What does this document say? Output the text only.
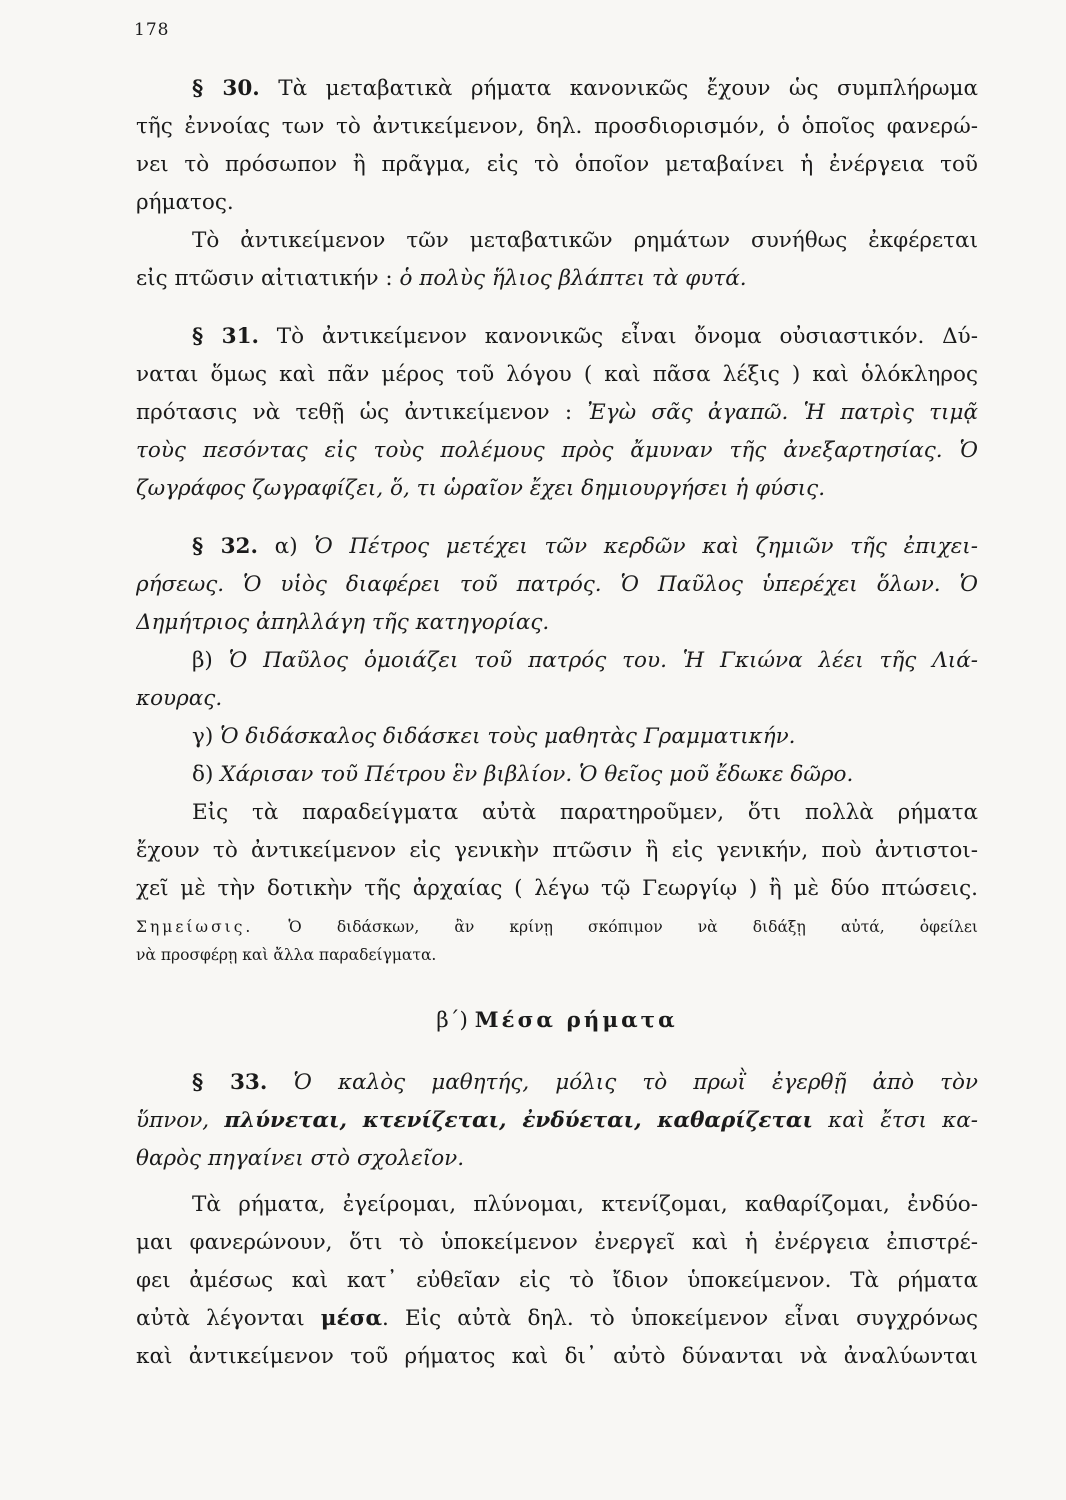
178
§ 30. Τὰ μεταβατικὰ ρήματα κανονικῶς ἔχουν ὡς συμπλήρωμα
τῆς ἐννοίας των τὸ ἀντικείμενον, δηλ. προσδιορισμόν, ὁ ὁποῖος φανερώ-
νει τὸ πρόσωπον ἢ πρᾶγμα, εἰς τὸ ὁποῖον μεταβαίνει ἡ ἐνέργεια τοῦ
ρήματος.
Τὸ ἀντικείμενον τῶν μεταβατικῶν ρημάτων συνήθως ἐκφέρεται
εἰς πτῶσιν αἰτιατικήν : ὁ πολὺς ἥλιος βλάπτει τὰ φυτά.
§ 31. Τὸ ἀντικείμενον κανονικῶς εἶναι ὄνομα οὐσιαστικόν. Δύ-
ναται ὅμως καὶ πᾶν μέρος τοῦ λόγου ( καὶ πᾶσα λέξις ) καὶ ὁλόκληρος
πρότασις νὰ τεθῇ ὡς ἀντικείμενον : Ἐγὼ σᾶς ἀγαπῶ. Ἡ πατρὶς τιμᾷ
τοὺς πεσόντας εἰς τοὺς πολέμους πρὸς ἄμυναν τῆς ἀνεξαρτησίας. Ὁ
ζωγράφος ζωγραφίζει, ὅ, τι ὡραῖον ἔχει δημιουργήσει ἡ φύσις.
§ 32. α) Ὁ Πέτρος μετέχει τῶν κερδῶν καὶ ζημιῶν τῆς ἐπιχει-
ρήσεως. Ὁ υἱὸς διαφέρει τοῦ πατρός. Ὁ Παῦλος ὑπερέχει ὅλων. Ὁ
Δημήτριος ἀπηλλάγη τῆς κατηγορίας.
β) Ὁ Παῦλος ὁμοιάζει τοῦ πατρός του. Ἡ Γκιώνα λέει τῆς Λιά-
κουρας.
γ) Ὁ διδάσκαλος διδάσκει τοὺς μαθητὰς Γραμματικήν.
δ) Χάρισαν τοῦ Πέτρου ἓν βιβλίον. Ὁ θεῖος μοῦ ἔδωκε δῶρο.
Εἰς τὰ παραδείγματα αὐτὰ παρατηροῦμεν, ὅτι πολλὰ ρήματα
ἔχουν τὸ ἀντικείμενον εἰς γενικὴν πτῶσιν ἢ εἰς γενικήν, ποὺ ἀντιστοι-
χεῖ μὲ τὴν δοτικὴν τῆς ἀρχαίας ( λέγω τῷ Γεωργίῳ ) ἢ μὲ δύο πτώσεις.
Σημείωσις. Ὁ διδάσκων, ἂν κρίνῃ σκόπιμον νὰ διδάξῃ αὐτά, ὀφείλει
νὰ προσφέρῃ καὶ ἄλλα παραδείγματα.
β΄) Μέσα ρήματα
§ 33. Ὁ καλὸς μαθητής, μόλις τὸ πρωῒ ἐγερθῇ ἀπὸ τὸν
ὕπνον, πλύνεται, κτενίζεται, ἐνδύεται, καθαρίζεται καὶ ἔτσι κα-
θαρὸς πηγαίνει στὸ σχολεῖον.
Τὰ ρήματα, ἐγείρομαι, πλύνομαι, κτενίζομαι, καθαρίζομαι, ἐνδύο-
μαι φανερώνουν, ὅτι τὸ ὑποκείμενον ἐνεργεῖ καὶ ἡ ἐνέργεια ἐπιστρέ-
φει ἀμέσως καὶ κατ᾽ εὐθεῖαν εἰς τὸ ἴδιον ὑποκείμενον. Τὰ ρήματα
αὐτὰ λέγονται μέσα. Εἰς αὐτὰ δηλ. τὸ ὑποκείμενον εἶναι συγχρόνως
καὶ ἀντικείμενον τοῦ ρήματος καὶ δι᾽ αὐτὸ δύνανται νὰ ἀναλύωνται
